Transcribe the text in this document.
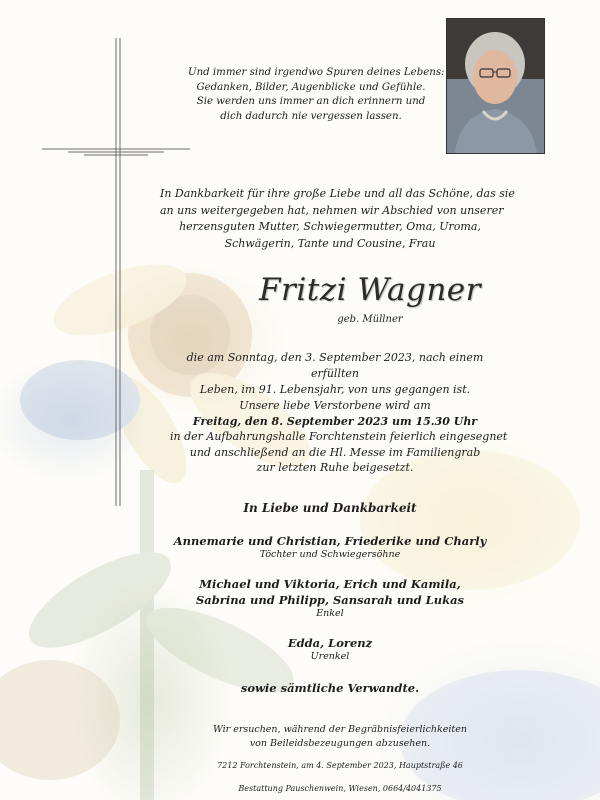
Und immer sind irgendwo Spuren deines Lebens:
Gedanken, Bilder, Augenblicke und Gefühle.
Sie werden uns immer an dich erinnern und
dich dadurch nie vergessen lassen.
In Dankbarkeit für ihre große Liebe und all das Schöne, das sie
an uns weitergegeben hat, nehmen wir Abschied von unserer
herzensguten Mutter, Schwiegermutter, Oma, Uroma,
Schwägerin, Tante und Cousine, Frau
Fritzi Wagner
geb. Müllner
die am Sonntag, den 3. September 2023, nach einem erfüllten
Leben, im 91. Lebensjahr, von uns gegangen ist.
Unsere liebe Verstorbene wird am
Freitag, den 8. September 2023 um 15.30 Uhr
in der Aufbahrungshalle Forchtenstein feierlich eingesegnet
und anschließend an die Hl. Messe im Familiengrab
zur letzten Ruhe beigesetzt.
In Liebe und Dankbarkeit
Annemarie und Christian, Friederike und Charly
Töchter und Schwiegersöhne
Michael und Viktoria, Erich und Kamila,
Sabrina und Philipp, Sansarah und Lukas
Enkel
Edda, Lorenz
Urenkel
sowie sämtliche Verwandte.
Wir ersuchen, während der Begräbnisfeierlichkeiten
von Beileidsbezeugungen abzusehen.
7212 Forchtenstein, am 4. September 2023, Hauptstraße 46
Bestattung Pauschenwein, Wiesen, 0664/4041375
